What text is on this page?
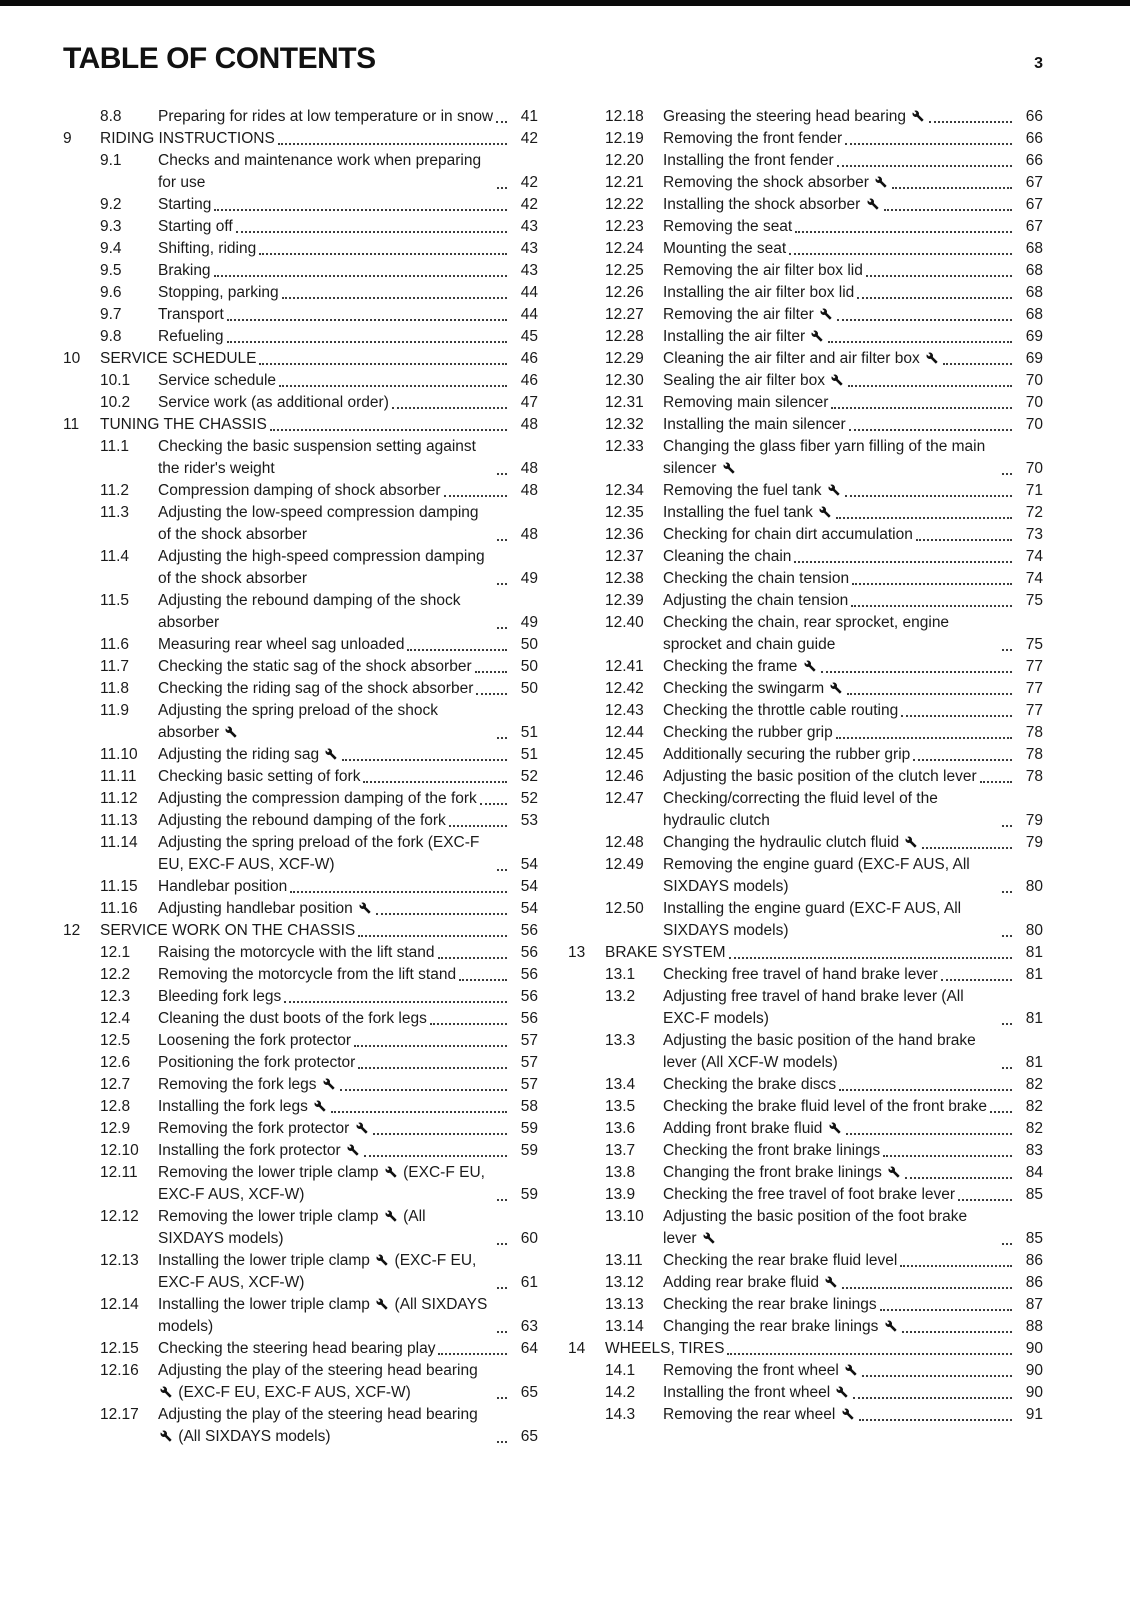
TABLE OF CONTENTS	3
8.8	Preparing for rides at low temperature or in snow	41
9	RIDING INSTRUCTIONS	42
9.1	Checks and maintenance work when preparing for use	42
9.2	Starting	42
9.3	Starting off	43
9.4	Shifting, riding	43
9.5	Braking	43
9.6	Stopping, parking	44
9.7	Transport	44
9.8	Refueling	45
10	SERVICE SCHEDULE	46
10.1	Service schedule	46
10.2	Service work (as additional order)	47
11	TUNING THE CHASSIS	48
11.1	Checking the basic suspension setting against the rider's weight	48
11.2	Compression damping of shock absorber	48
11.3	Adjusting the low-speed compression damping of the shock absorber	48
11.4	Adjusting the high-speed compression damping of the shock absorber	49
11.5	Adjusting the rebound damping of the shock absorber	49
11.6	Measuring rear wheel sag unloaded	50
11.7	Checking the static sag of the shock absorber	50
11.8	Checking the riding sag of the shock absorber	50
11.9	Adjusting the spring preload of the shock absorber	51
11.10	Adjusting the riding sag	51
11.11	Checking basic setting of fork	52
11.12	Adjusting the compression damping of the fork	52
11.13	Adjusting the rebound damping of the fork	53
11.14	Adjusting the spring preload of the fork (EXC-F EU, EXC-F AUS, XCF-W)	54
11.15	Handlebar position	54
11.16	Adjusting handlebar position	54
12	SERVICE WORK ON THE CHASSIS	56
12.1	Raising the motorcycle with the lift stand	56
12.2	Removing the motorcycle from the lift stand	56
12.3	Bleeding fork legs	56
12.4	Cleaning the dust boots of the fork legs	56
12.5	Loosening the fork protector	57
12.6	Positioning the fork protector	57
12.7	Removing the fork legs	57
12.8	Installing the fork legs	58
12.9	Removing the fork protector	59
12.10	Installing the fork protector	59
12.11	Removing the lower triple clamp  (EXC-F EU, EXC-F AUS, XCF-W)	59
12.12	Removing the lower triple clamp  (All SIXDAYS models)	60
12.13	Installing the lower triple clamp  (EXC-F EU, EXC-F AUS, XCF-W)	61
12.14	Installing the lower triple clamp  (All SIXDAYS models)	63
12.15	Checking the steering head bearing play	64
12.16	Adjusting the play of the steering head bearing  (EXC-F EU, EXC-F AUS, XCF-W)	65
12.17	Adjusting the play of the steering head bearing  (All SIXDAYS models)	65
12.18	Greasing the steering head bearing	66
12.19	Removing the front fender	66
12.20	Installing the front fender	66
12.21	Removing the shock absorber	67
12.22	Installing the shock absorber	67
12.23	Removing the seat	67
12.24	Mounting the seat	68
12.25	Removing the air filter box lid	68
12.26	Installing the air filter box lid	68
12.27	Removing the air filter	68
12.28	Installing the air filter	69
12.29	Cleaning the air filter and air filter box	69
12.30	Sealing the air filter box	70
12.31	Removing main silencer	70
12.32	Installing the main silencer	70
12.33	Changing the glass fiber yarn filling of the main silencer	70
12.34	Removing the fuel tank	71
12.35	Installing the fuel tank	72
12.36	Checking for chain dirt accumulation	73
12.37	Cleaning the chain	74
12.38	Checking the chain tension	74
12.39	Adjusting the chain tension	75
12.40	Checking the chain, rear sprocket, engine sprocket and chain guide	75
12.41	Checking the frame	77
12.42	Checking the swingarm	77
12.43	Checking the throttle cable routing	77
12.44	Checking the rubber grip	78
12.45	Additionally securing the rubber grip	78
12.46	Adjusting the basic position of the clutch lever	78
12.47	Checking/correcting the fluid level of the hydraulic clutch	79
12.48	Changing the hydraulic clutch fluid	79
12.49	Removing the engine guard (EXC-F AUS, All SIXDAYS models)	80
12.50	Installing the engine guard (EXC-F AUS, All SIXDAYS models)	80
13	BRAKE SYSTEM	81
13.1	Checking free travel of hand brake lever	81
13.2	Adjusting free travel of hand brake lever (All EXC-F models)	81
13.3	Adjusting the basic position of the hand brake lever (All XCF-W models)	81
13.4	Checking the brake discs	82
13.5	Checking the brake fluid level of the front brake	82
13.6	Adding front brake fluid	82
13.7	Checking the front brake linings	83
13.8	Changing the front brake linings	84
13.9	Checking the free travel of foot brake lever	85
13.10	Adjusting the basic position of the foot brake lever	85
13.11	Checking the rear brake fluid level	86
13.12	Adding rear brake fluid	86
13.13	Checking the rear brake linings	87
13.14	Changing the rear brake linings	88
14	WHEELS, TIRES	90
14.1	Removing the front wheel	90
14.2	Installing the front wheel	90
14.3	Removing the rear wheel	91
